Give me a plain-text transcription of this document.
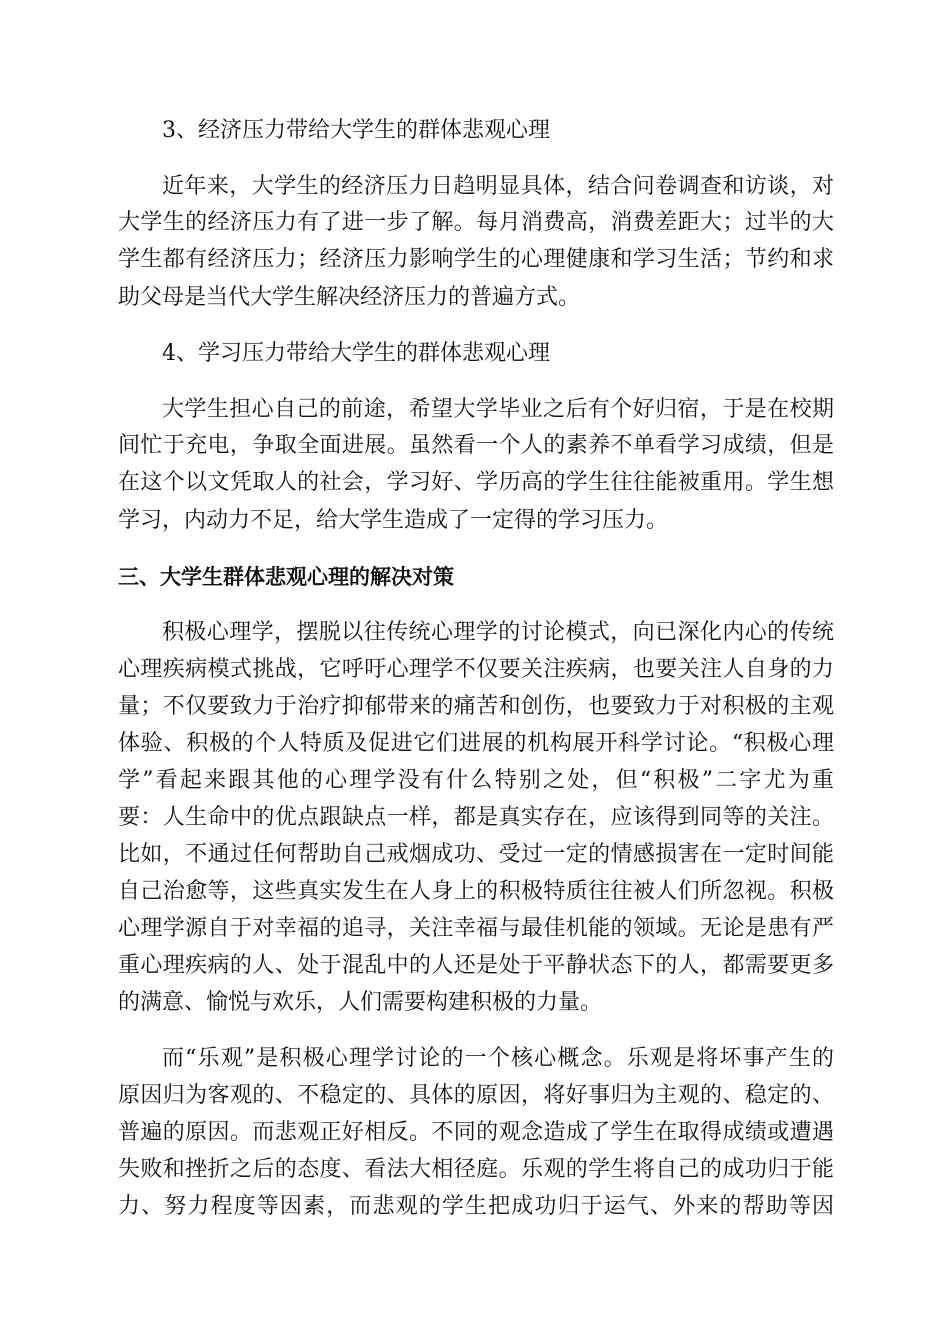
3、经济压力带给大学生的群体悲观心理
近年来，大学生的经济压力日趋明显具体，结合问卷调查和访谈，对
大学生的经济压力有了进一步了解。每月消费高，消费差距大；过半的大
学生都有经济压力；经济压力影响学生的心理健康和学习生活；节约和求
助父母是当代大学生解决经济压力的普遍方式。
4、学习压力带给大学生的群体悲观心理
大学生担心自己的前途，希望大学毕业之后有个好归宿，于是在校期
间忙于充电，争取全面进展。虽然看一个人的素养不单看学习成绩，但是
在这个以文凭取人的社会，学习好、学历高的学生往往能被重用。学生想
学习，内动力不足，给大学生造成了一定得的学习压力。
三、大学生群体悲观心理的解决对策
积极心理学，摆脱以往传统心理学的讨论模式，向已深化内心的传统
心理疾病模式挑战，它呼吁心理学不仅要关注疾病，也要关注人自身的力
量；不仅要致力于治疗抑郁带来的痛苦和创伤，也要致力于对积极的主观
体验、积极的个人特质及促进它们进展的机构展开科学讨论。“积极心理
学”看起来跟其他的心理学没有什么特别之处，但“积极”二字尤为重
要：人生命中的优点跟缺点一样，都是真实存在，应该得到同等的关注。
比如，不通过任何帮助自己戒烟成功、受过一定的情感损害在一定时间能
自己治愈等，这些真实发生在人身上的积极特质往往被人们所忽视。积极
心理学源自于对幸福的追寻，关注幸福与最佳机能的领域。无论是患有严
重心理疾病的人、处于混乱中的人还是处于平静状态下的人，都需要更多
的满意、愉悦与欢乐，人们需要构建积极的力量。
而“乐观”是积极心理学讨论的一个核心概念。乐观是将坏事产生的
原因归为客观的、不稳定的、具体的原因，将好事归为主观的、稳定的、
普遍的原因。而悲观正好相反。不同的观念造成了学生在取得成绩或遭遇
失败和挫折之后的态度、看法大相径庭。乐观的学生将自己的成功归于能
力、努力程度等因素，而悲观的学生把成功归于运气、外来的帮助等因
